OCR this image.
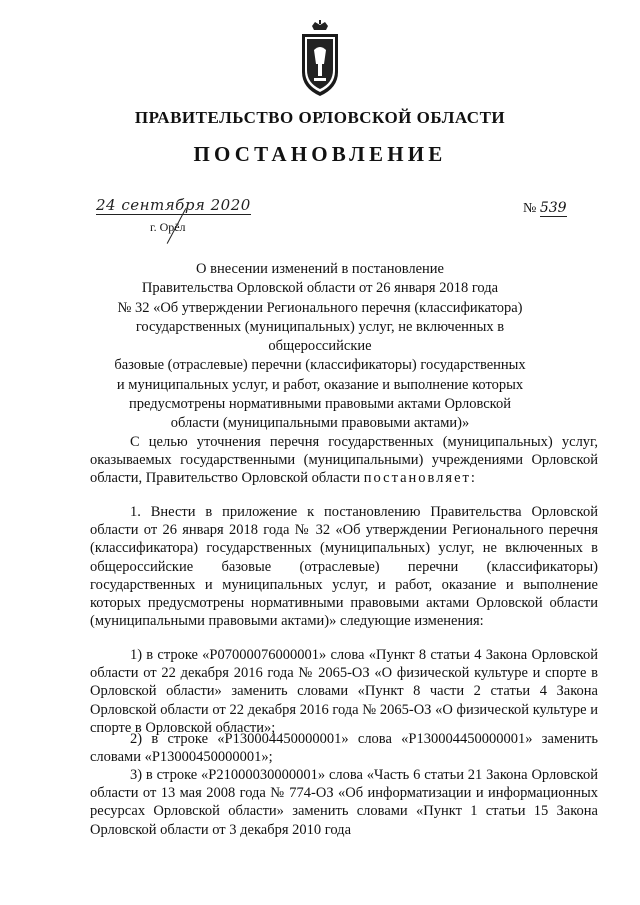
ПРАВИТЕЛЬСТВО ОРЛОВСКОЙ ОБЛАСТИ
ПОСТАНОВЛЕНИЕ
24 сентября 2020
г. Орёл
№ 539
О внесении изменений в постановление
Правительства Орловской области от 26 января 2018 года
№ 32 «Об утверждении Регионального перечня (классификатора)
государственных (муниципальных) услуг, не включенных в общероссийские
базовые (отраслевые) перечни (классификаторы) государственных
и муниципальных услуг, и работ, оказание и выполнение которых
предусмотрены нормативными правовыми актами Орловской
области (муниципальными правовыми актами)»

С целью уточнения перечня государственных (муниципальных) услуг, оказываемых государственными (муниципальными) учреждениями Орловской области, Правительство Орловской области постановляет:

1. Внести в приложение к постановлению Правительства Орловской области от 26 января 2018 года № 32 «Об утверждении Регионального перечня (классификатора) государственных (муниципальных) услуг, не включенных в общероссийские базовые (отраслевые) перечни (классификаторы) государственных и муниципальных услуг, и работ, оказание и выполнение которых предусмотрены нормативными правовыми актами Орловской области (муниципальными правовыми актами)» следующие изменения:

1) в строке «Р07000076000001» слова «Пункт 8 статьи 4 Закона Орловской области от 22 декабря 2016 года № 2065-ОЗ «О физической культуре и спорте в Орловской области» заменить словами «Пункт 8 части 2 статьи 4 Закона Орловской области от 22 декабря 2016 года № 2065-ОЗ «О физической культуре и спорте в Орловской области»;

2) в строке «Р130004450000001» слова «Р130004450000001» заменить словами «Р13000450000001»;

3) в строке «Р21000030000001» слова «Часть 6 статьи 21 Закона Орловской области от 13 мая 2008 года № 774-ОЗ «Об информатизации и информационных ресурсах Орловской области» заменить словами «Пункт 1 статьи 15 Закона Орловской области от 3 декабря 2010 года
